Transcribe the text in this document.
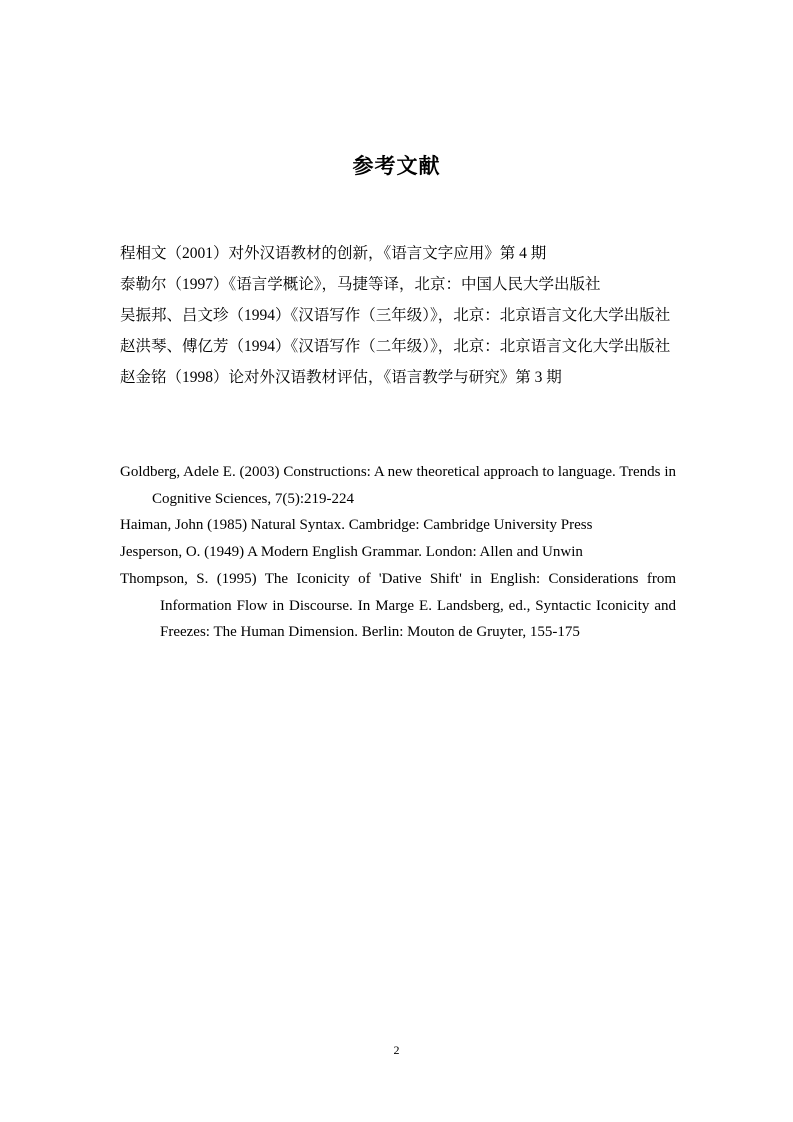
参考文献
程相文（2001）对外汉语教材的创新，《语言文字应用》第 4 期
泰勒尔（1997）《语言学概论》，马捷等译，北京：中国人民大学出版社
吴振邦、吕文珍（1994）《汉语写作（三年级）》，北京：北京语言文化大学出版社
赵洪琴、傅亿芳（1994）《汉语写作（二年级）》，北京：北京语言文化大学出版社
赵金铭（1998）论对外汉语教材评估，《语言教学与研究》第 3 期
Goldberg, Adele E. (2003) Constructions: A new theoretical approach to language. Trends in Cognitive Sciences, 7(5):219-224
Haiman, John (1985) Natural Syntax. Cambridge: Cambridge University Press
Jesperson, O. (1949) A Modern English Grammar. London: Allen and Unwin
Thompson, S. (1995) The Iconicity of 'Dative Shift' in English: Considerations from Information Flow in Discourse. In Marge E. Landsberg, ed., Syntactic Iconicity and Freezes: The Human Dimension. Berlin: Mouton de Gruyter, 155-175
2
